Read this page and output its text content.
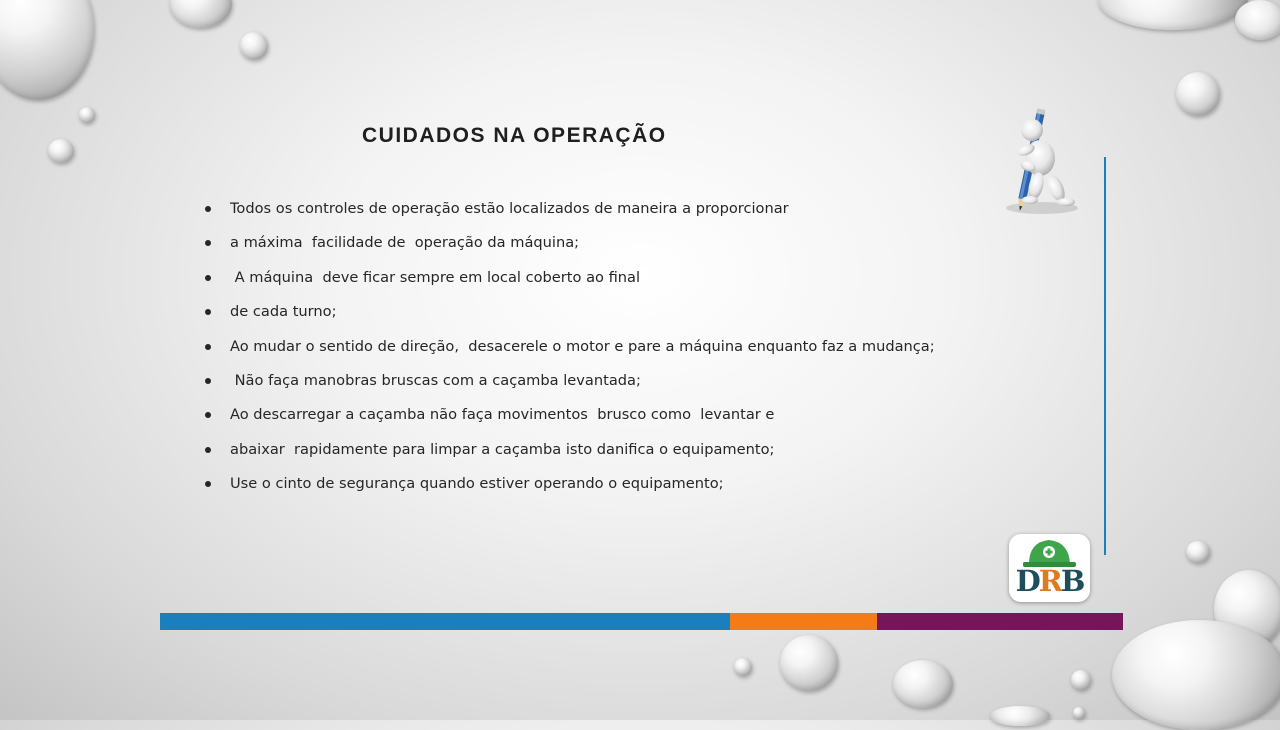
CUIDADOS NA OPERAÇÃO
Todos os controles de operação estão localizados de maneira a proporcionar
a máxima  facilidade de  operação da máquina;
A máquina  deve ficar sempre em local coberto ao final
de cada turno;
Ao mudar o sentido de direção,  desacerele o motor e pare a máquina enquanto faz a mudança;
Não faça manobras bruscas com a caçamba levantada;
Ao descarregar a caçamba não faça movimentos  brusco como  levantar e
abaixar  rapidamente para limpar a caçamba isto danifica o equipamento;
Use o cinto de segurança quando estiver operando o equipamento;
DRB
